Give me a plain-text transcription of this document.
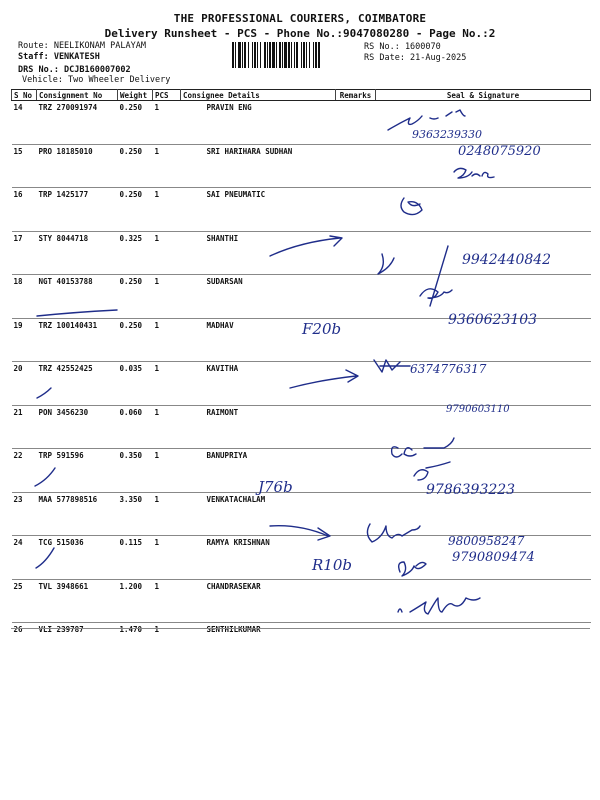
THE PROFESSIONAL COURIERS, COIMBATORE
Delivery Runsheet - PCS - Phone No.:9047080280 - Page No.:2
Route: NEELIKONAM PALAYAM
Staff: VENKATESH
DRS No.: DCJB160007002
Vehicle: Two Wheeler Delivery
RS No.: 1600070
RS Date: 21-Aug-2025
S No	Consignment No	Weight	PCS	Consignee Details	Remarks	Seal & Signature
14	TRZ 270091974	0.250	1	PRAVIN ENG		
15	PRO 18185010	0.250	1	SRI HARIHARA SUDHAN		
16	TRP 1425177	0.250	1	SAI PNEUMATIC		
17	STY 8044718	0.325	1	SHANTHI		
18	NGT 40153788	0.250	1	SUDARSAN		
19	TRZ 100140431	0.250	1	MADHAV		
20	TRZ 42552425	0.035	1	KAVITHA		
21	PON 3456230	0.060	1	RAIMONT		
22	TRP 591596	0.350	1	BANUPRIYA		
23	MAA 577898516	3.350	1	VENKATACHALAM		
24	TCG 515036	0.115	1	RAMYA KRISHNAN		
25	TVL 3948661	1.200	1	CHANDRASEKAR		
26	VLI 239787	1.470	1	SENTHILKUMAR		
9363239330
0248075920
9942440842
9360623103
6374776317
9790603110
9786393223
9800958247
9790809474
F20b
J76b
R10b
